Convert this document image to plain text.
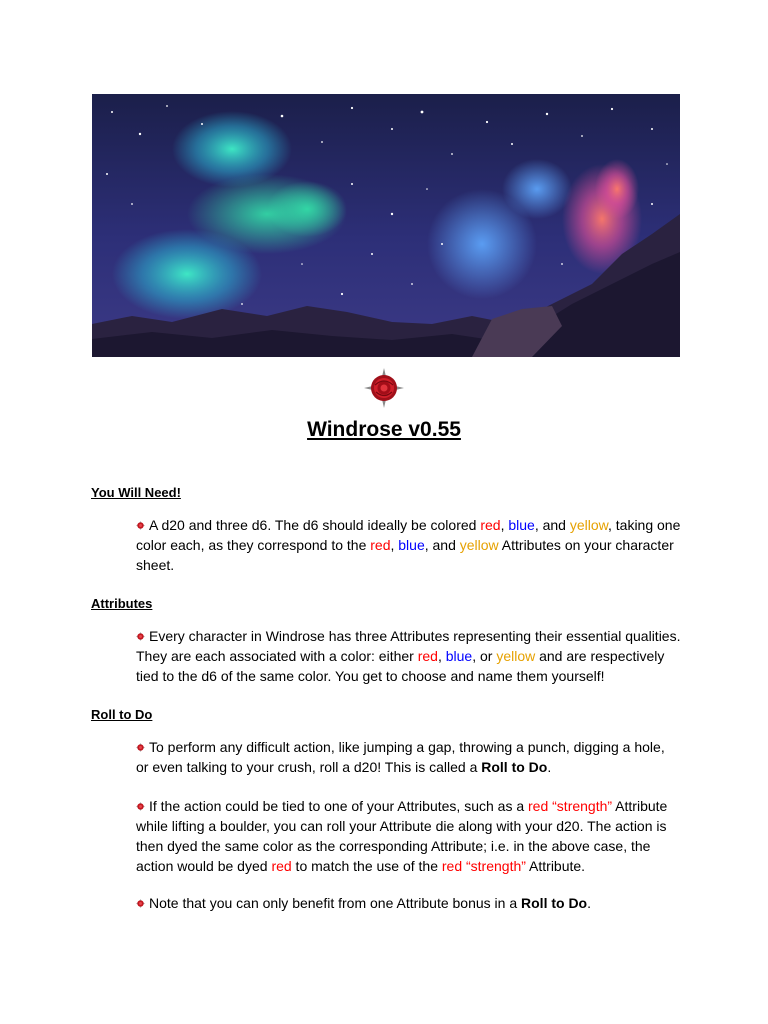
Windrose v0.55
You Will Need!

A d20 and three d6. The d6 should ideally be colored red, blue, and yellow, taking one color each, as they correspond to the red, blue, and yellow Attributes on your character sheet.

Attributes

Every character in Windrose has three Attributes representing their essential qualities. They are each associated with a color: either red, blue, or yellow and are respectively tied to the d6 of the same color. You get to choose and name them yourself!

Roll to Do

To perform any difficult action, like jumping a gap, throwing a punch, digging a hole, or even talking to your crush, roll a d20! This is called a Roll to Do.

If the action could be tied to one of your Attributes, such as a red “strength” Attribute while lifting a boulder, you can roll your Attribute die along with your d20. The action is then dyed the same color as the corresponding Attribute; i.e. in the above case, the action would be dyed red to match the use of the red “strength” Attribute.

Note that you can only benefit from one Attribute bonus in a Roll to Do.
